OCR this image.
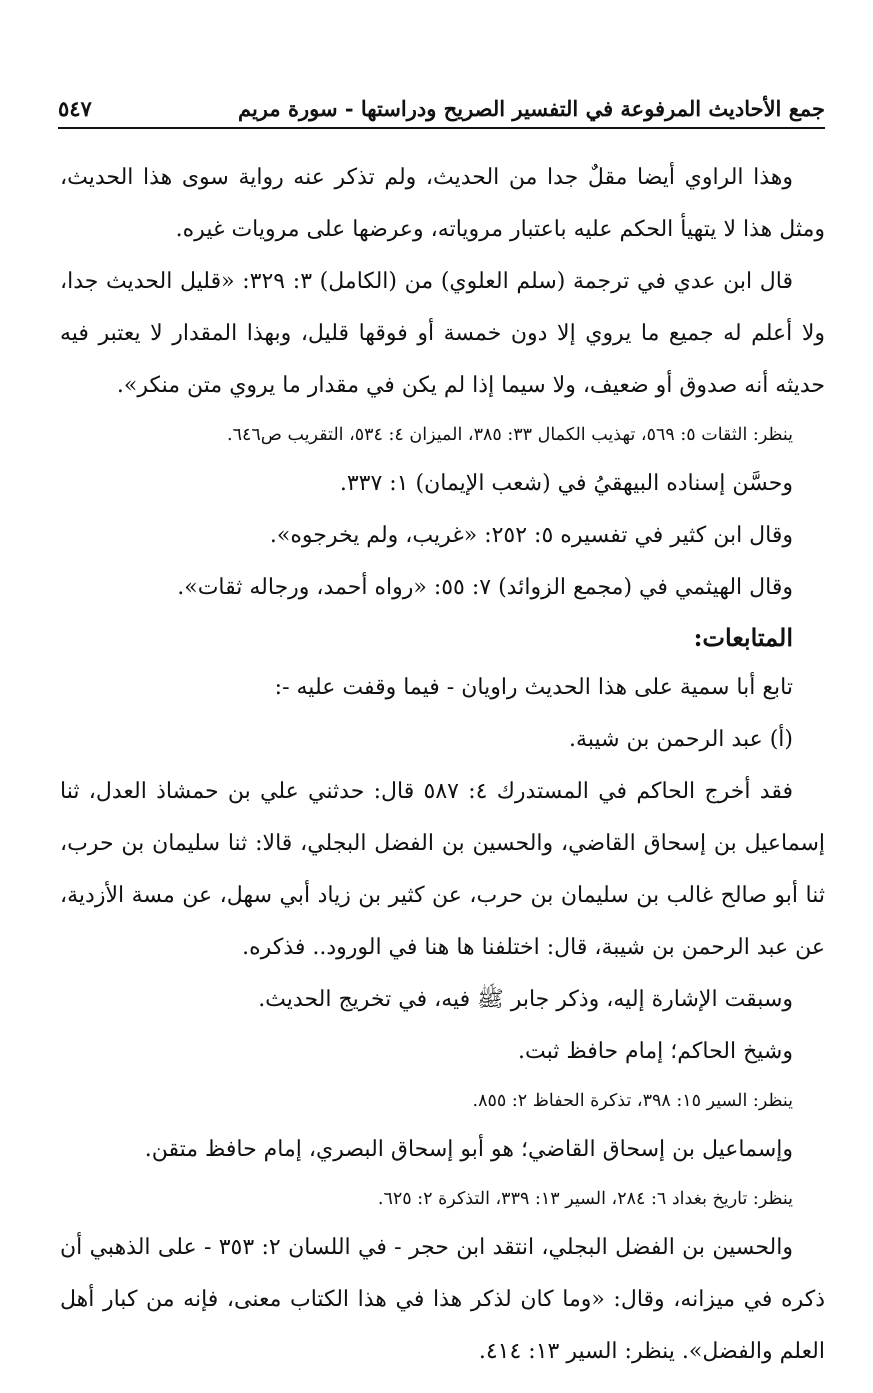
٥٤٧	جمع الأحاديث المرفوعة في التفسير الصريح ودراستها - سورة مريم

وهذا الراوي أيضا مقلٌ جدا من الحديث، ولم تذكر عنه رواية سوى هذا الحديث، ومثل هذا لا يتهيأ الحكم عليه باعتبار مروياته، وعرضها على مرويات غيره.

قال ابن عدي في ترجمة (سلم العلوي) من (الكامل) ٣: ٣٢٩: «قليل الحديث جدا، ولا أعلم له جميع ما يروي إلا دون خمسة أو فوقها قليل، وبهذا المقدار لا يعتبر فيه حديثه أنه صدوق أو ضعيف، ولا سيما إذا لم يكن في مقدار ما يروي متن منكر».

ينظر: الثقات ٥: ٥٦٩، تهذيب الكمال ٣٣: ٣٨٥، الميزان ٤: ٥٣٤، التقريب ص٦٤٦.

وحسَّن إسناده البيهقيُ في (شعب الإيمان) ١: ٣٣٧.

وقال ابن كثير في تفسيره ٥: ٢٥٢: «غريب، ولم يخرجوه».

وقال الهيثمي في (مجمع الزوائد) ٧: ٥٥: «رواه أحمد، ورجاله ثقات».

المتابعات:

تابع أبا سمية على هذا الحديث راويان - فيما وقفت عليه -:

(أ) عبد الرحمن بن شيبة.

فقد أخرج الحاكم في المستدرك ٤: ٥٨٧ قال: حدثني علي بن حمشاذ العدل، ثنا إسماعيل بن إسحاق القاضي، والحسين بن الفضل البجلي، قالا: ثنا سليمان بن حرب، ثنا أبو صالح غالب بن سليمان بن حرب، عن كثير بن زياد أبي سهل، عن مسة الأزدية، عن عبد الرحمن بن شيبة، قال: اختلفنا ها هنا في الورود.. فذكره.

وسبقت الإشارة إليه، وذكر جابر ﷺ فيه، في تخريج الحديث.

وشيخ الحاكم؛ إمام حافظ ثبت.

ينظر: السير ١٥: ٣٩٨، تذكرة الحفاظ ٢: ٨٥٥.

وإسماعيل بن إسحاق القاضي؛ هو أبو إسحاق البصري، إمام حافظ متقن.

ينظر: تاريخ بغداد ٦: ٢٨٤، السير ١٣: ٣٣٩، التذكرة ٢: ٦٢٥.

والحسين بن الفضل البجلي، انتقد ابن حجر - في اللسان ٢: ٣٥٣ - على الذهبي أن ذكره في ميزانه، وقال: «وما كان لذكر هذا في هذا الكتاب معنى، فإنه من كبار أهل العلم والفضل». ينظر: السير ١٣: ٤١٤.
